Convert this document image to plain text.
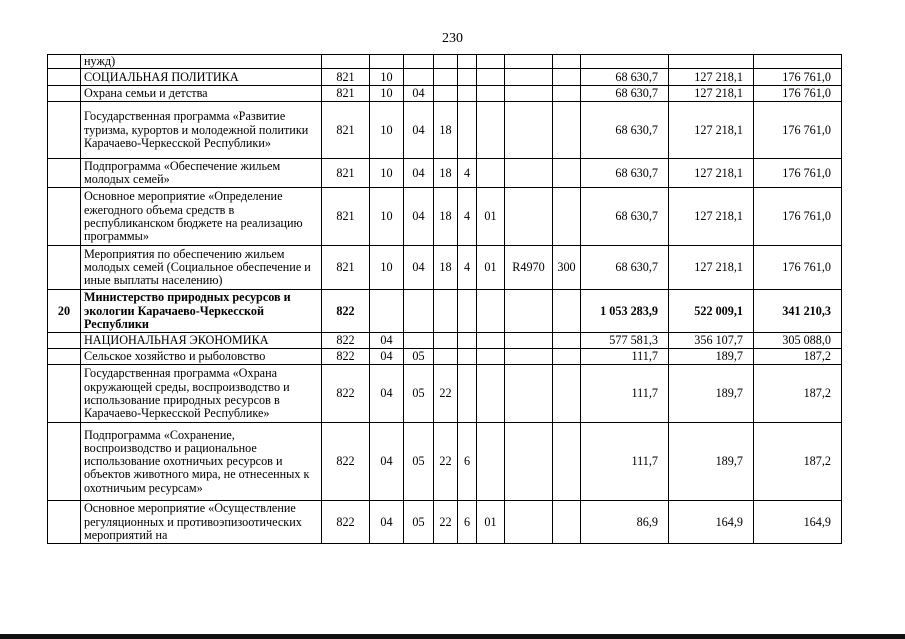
230
	нужд)											
	СОЦИАЛЬНАЯ ПОЛИТИКА	821	10							68 630,7	127 218,1	176 761,0
	Охрана семьи и детства	821	10	04						68 630,7	127 218,1	176 761,0
	Государственная программа «Развитие туризма, курортов и молодежной политики Карачаево-Черкесской Республики»	821	10	04	18					68 630,7	127 218,1	176 761,0
	Подпрограмма «Обеспечение жильем молодых семей»	821	10	04	18	4				68 630,7	127 218,1	176 761,0
	Основное мероприятие «Определение ежегодного объема средств в республиканском бюджете на реализацию программы»	821	10	04	18	4	01			68 630,7	127 218,1	176 761,0
	Мероприятия по обеспечению жильем молодых семей (Социальное обеспечение и иные выплаты населению)	821	10	04	18	4	01	R4970	300	68 630,7	127 218,1	176 761,0
20	Министерство природных ресурсов и экологии Карачаево-Черкесской Республики	822								1 053 283,9	522 009,1	341 210,3
	НАЦИОНАЛЬНАЯ ЭКОНОМИКА	822	04							577 581,3	356 107,7	305 088,0
	Сельское хозяйство и рыболовство	822	04	05						111,7	189,7	187,2
	Государственная программа «Охрана окружающей среды, воспроизводство и использование природных ресурсов в Карачаево-Черкесской Республике»	822	04	05	22					111,7	189,7	187,2
	Подпрограмма «Сохранение, воспроизводство и рациональное использование охотничьих ресурсов и объектов животного мира, не отнесенных к охотничьим ресурсам»	822	04	05	22	6				111,7	189,7	187,2
	Основное мероприятие «Осуществление регуляционных и противоэпизоотических мероприятий на	822	04	05	22	6	01			86,9	164,9	164,9
